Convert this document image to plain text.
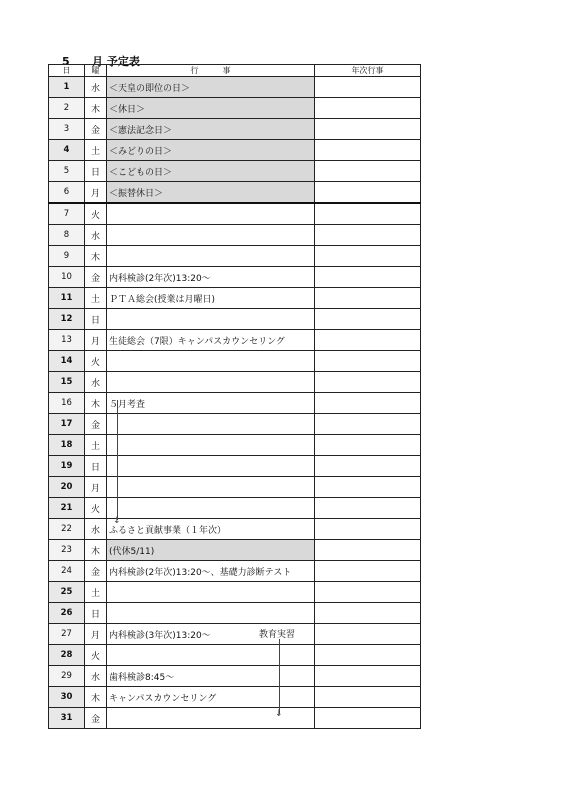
5 月 予定表
日	曜	行　　　事	年次行事
1	水	＜天皇の即位の日＞	
2	木	＜休日＞	
3	金	＜憲法記念日＞	
4	土	＜みどりの日＞	
5	日	＜こどもの日＞	
6	月	＜振替休日＞	
7	火		
8	水		
9	木		
10	金	内科検診(2年次)13:20〜	
11	土	ＰＴＡ総会(授業は月曜日)	
12	日		
13	月	生徒総会（7限）キャンパスカウンセリング	
14	火		
15	水		
16	木	５月考査	
17	金		
18	土		
19	日		
20	月		
21	火		
22	水	ふるさと貢献事業（１年次）	
23	木	(代休5/11)	
24	金	内科検診(2年次)13:20〜、基礎力診断テスト	
25	土		
26	日		
27	月	内科検診(3年次)13:20〜	
28	火		
29	水	歯科検診8:45〜	
30	木	キャンパスカウンセリング	
31	金		
↓
教育実習
↓
